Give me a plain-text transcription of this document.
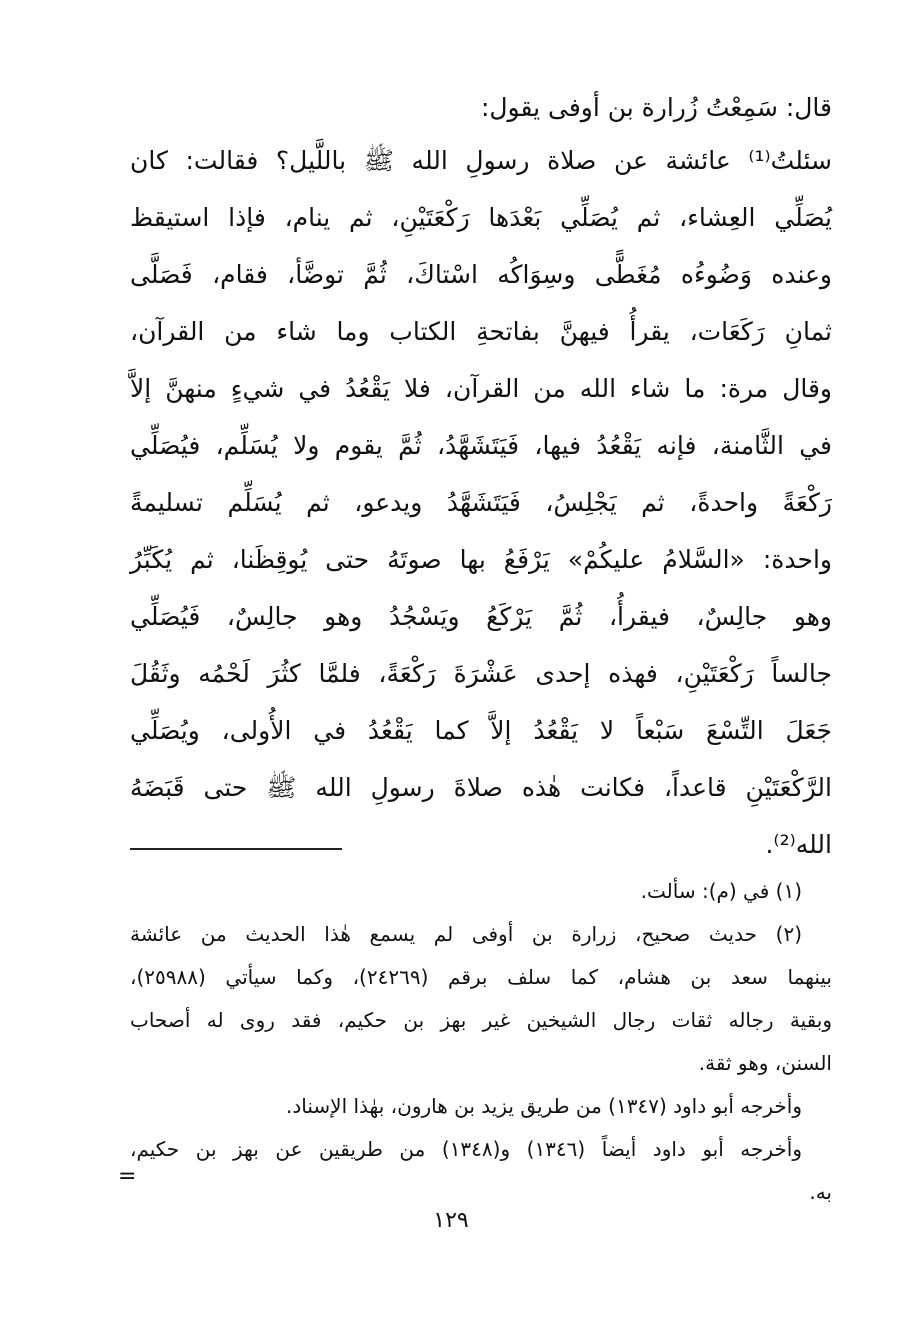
قال: سَمِعْتُ زُرارة بن أوفى يقول:
سئلتُ⁽¹⁾ عائشة عن صلاة رسولِ الله ﷺ باللَّيل؟ فقالت: كان
يُصَلِّي العِشاء، ثم يُصَلِّي بَعْدَها رَكْعَتَيْنِ، ثم ينام، فإذا استيقظ
وعنده وَضُوءُه مُغَطًّى وسِوَاكُه اسْتاكَ، ثُمَّ توضَّأ، فقام، فَصَلَّى
ثمانِ رَكَعَات، يقرأُ فيهنَّ بفاتحةِ الكتاب وما شاء من القرآن،
وقال مرة: ما شاء الله من القرآن، فلا يَقْعُدُ في شيءٍ منهنَّ إلاَّ
في الثَّامنة، فإنه يَقْعُدُ فيها، فَيَتَشَهَّدُ، ثُمَّ يقوم ولا يُسَلِّم، فيُصَلِّي
رَكْعَةً واحدةً، ثم يَجْلِسُ، فَيَتَشَهَّدُ ويدعو، ثم يُسَلِّم تسليمةً
واحدة: «السَّلامُ عليكُمْ» يَرْفَعُ بها صوتَهُ حتى يُوقِظَنا، ثم يُكَبِّرُ
وهو جالِسٌ، فيقرأُ، ثُمَّ يَرْكَعُ ويَسْجُدُ وهو جالِسٌ، فَيُصَلِّي
جالساً رَكْعَتَيْنِ، فهذه إحدى عَشْرَةَ رَكْعَةً، فلمَّا كثُرَ لَحْمُه وثَقُلَ
جَعَلَ التِّسْعَ سَبْعاً لا يَقْعُدُ إلاَّ كما يَقْعُدُ في الأُولى، ويُصَلِّي
الرَّكْعَتَيْنِ قاعداً، فكانت هٰذه صلاةَ رسولِ الله ﷺ حتى قَبَضَهُ
الله⁽²⁾.
(١) في (م): سألت.
(٢) حديث صحيح، زرارة بن أوفى لم يسمع هٰذا الحديث من عائشة
بينهما سعد بن هشام، كما سلف برقم (٢٤٢٦٩)، وكما سيأتي (٢٥٩٨٨)،
وبقية رجاله ثقات رجال الشيخين غير بهز بن حكيم، فقد روى له أصحاب
السنن، وهو ثقة.
وأخرجه أبو داود (١٣٤٧) من طريق يزيد بن هارون، بهٰذا الإسناد.
وأخرجه أبو داود أيضاً (١٣٤٦) و(١٣٤٨) من طريقين عن بهز بن حكيم،
به.
=
١٢٩
